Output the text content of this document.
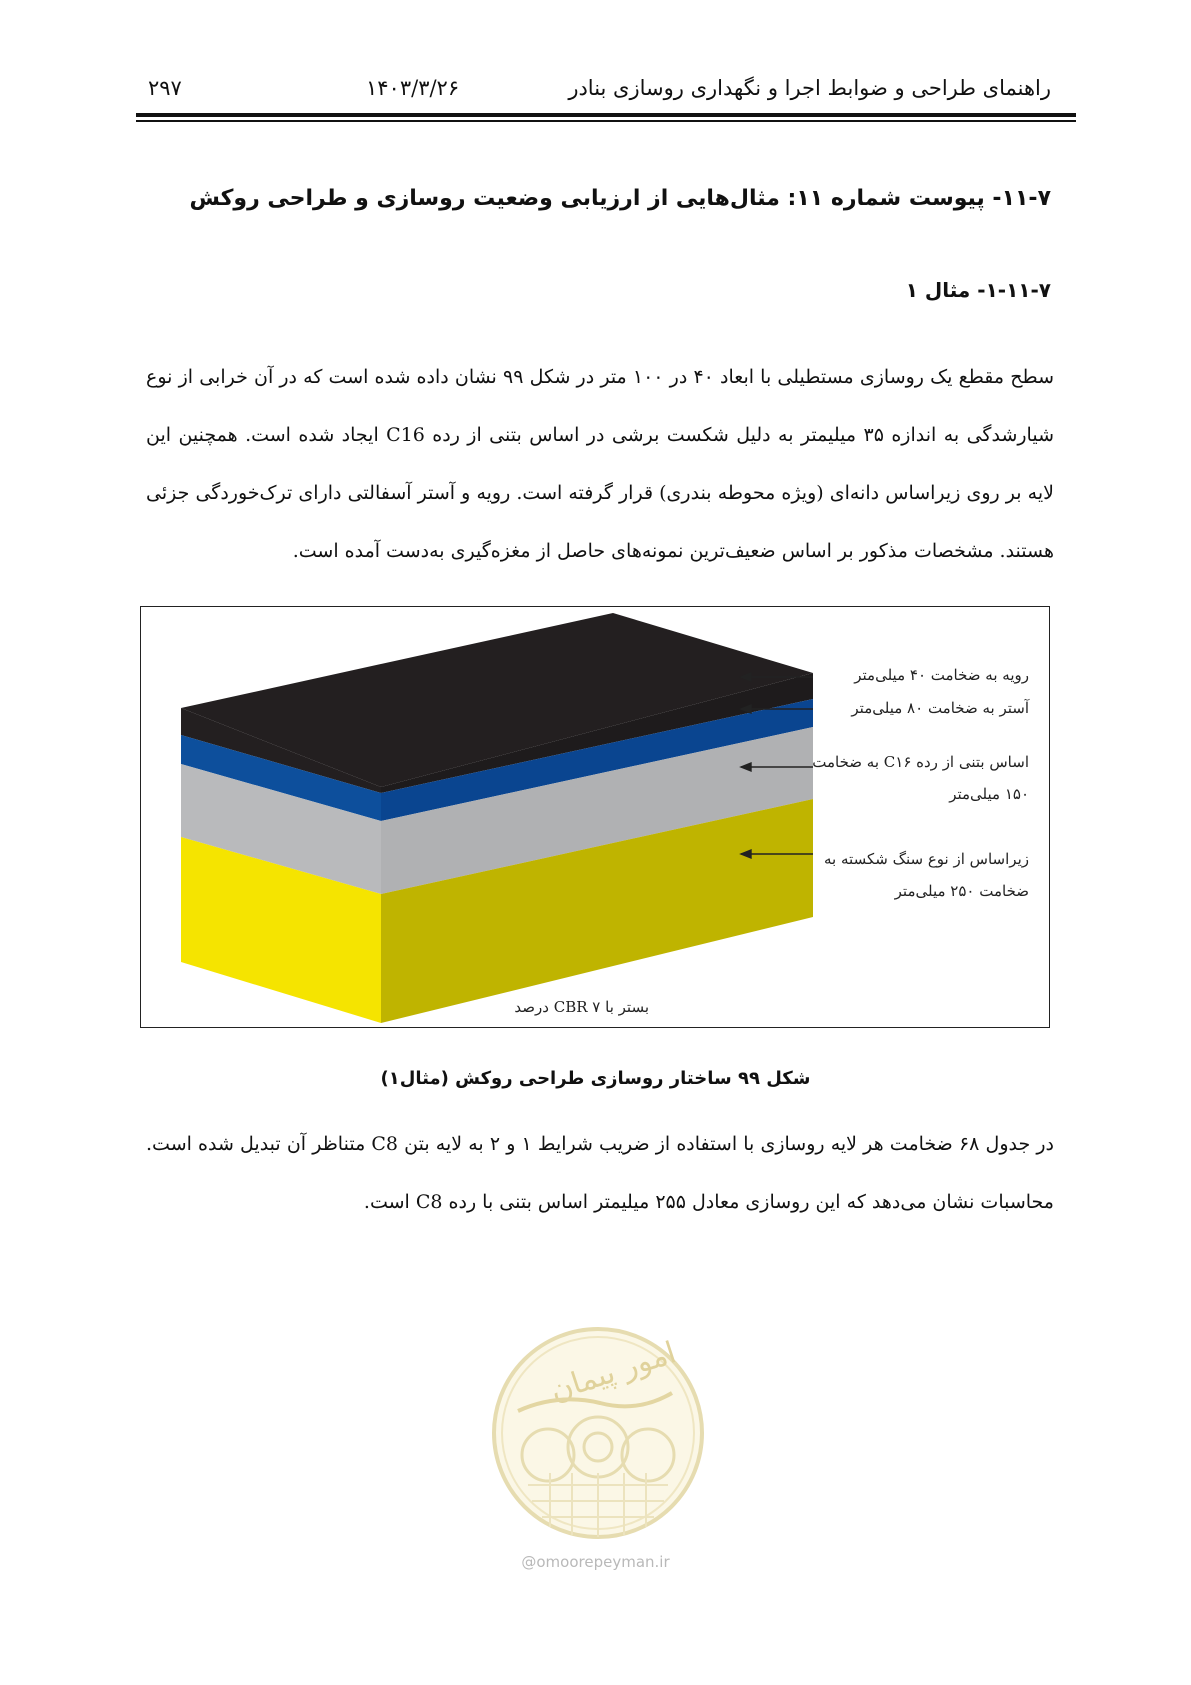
راهنمای طراحی و ضوابط اجرا و نگهداری روسازی بنادر
۱۴۰۳/۳/۲۶
۲۹۷
۱۱-۷- پیوست شماره ۱۱: مثال‌هایی از ارزیابی وضعیت روسازی و طراحی روکش
۱-۱۱-۷- مثال ۱
سطح مقطع یک روسازی مستطیلی با ابعاد ۴۰ در ۱۰۰ متر در شکل ۹۹ نشان داده شده است که در آن خرابی از نوع شیارشدگی به اندازه ۳۵ میلیمتر به دلیل شکست برشی در اساس بتنی از رده C16 ایجاد شده است. همچنین این لایه بر روی زیراساس دانه‌ای (ویژه محوطه بندری) قرار گرفته است. رویه و آستر آسفالتی دارای ترک‌خوردگی جزئی هستند. مشخصات مذکور بر اساس ضعیف‌ترین نمونه‌های حاصل از مغزه‌گیری به‌دست آمده است.
رویه به ضخامت ۴۰ میلی‌متر
آستر به ضخامت ۸۰ میلی‌متر
اساس بتنی از رده C۱۶ به ضخامت
۱۵۰ میلی‌متر
زیراساس از نوع سنگ شکسته به
ضخامت ۲۵۰ میلی‌متر
بستر با CBR ۷ درصد
شکل ۹۹ ساختار روسازی طراحی روکش (مثال۱)
در جدول ۶۸ ضخامت هر لایه روسازی با استفاده از ضریب شرایط ۱ و ۲ به لایه بتن C8 متناظر آن تبدیل شده است. محاسبات نشان می‌دهد که این روسازی معادل ۲۵۵ میلیمتر اساس بتنی با رده C8 است.
امور پیمان
@omoorepeyman.ir
